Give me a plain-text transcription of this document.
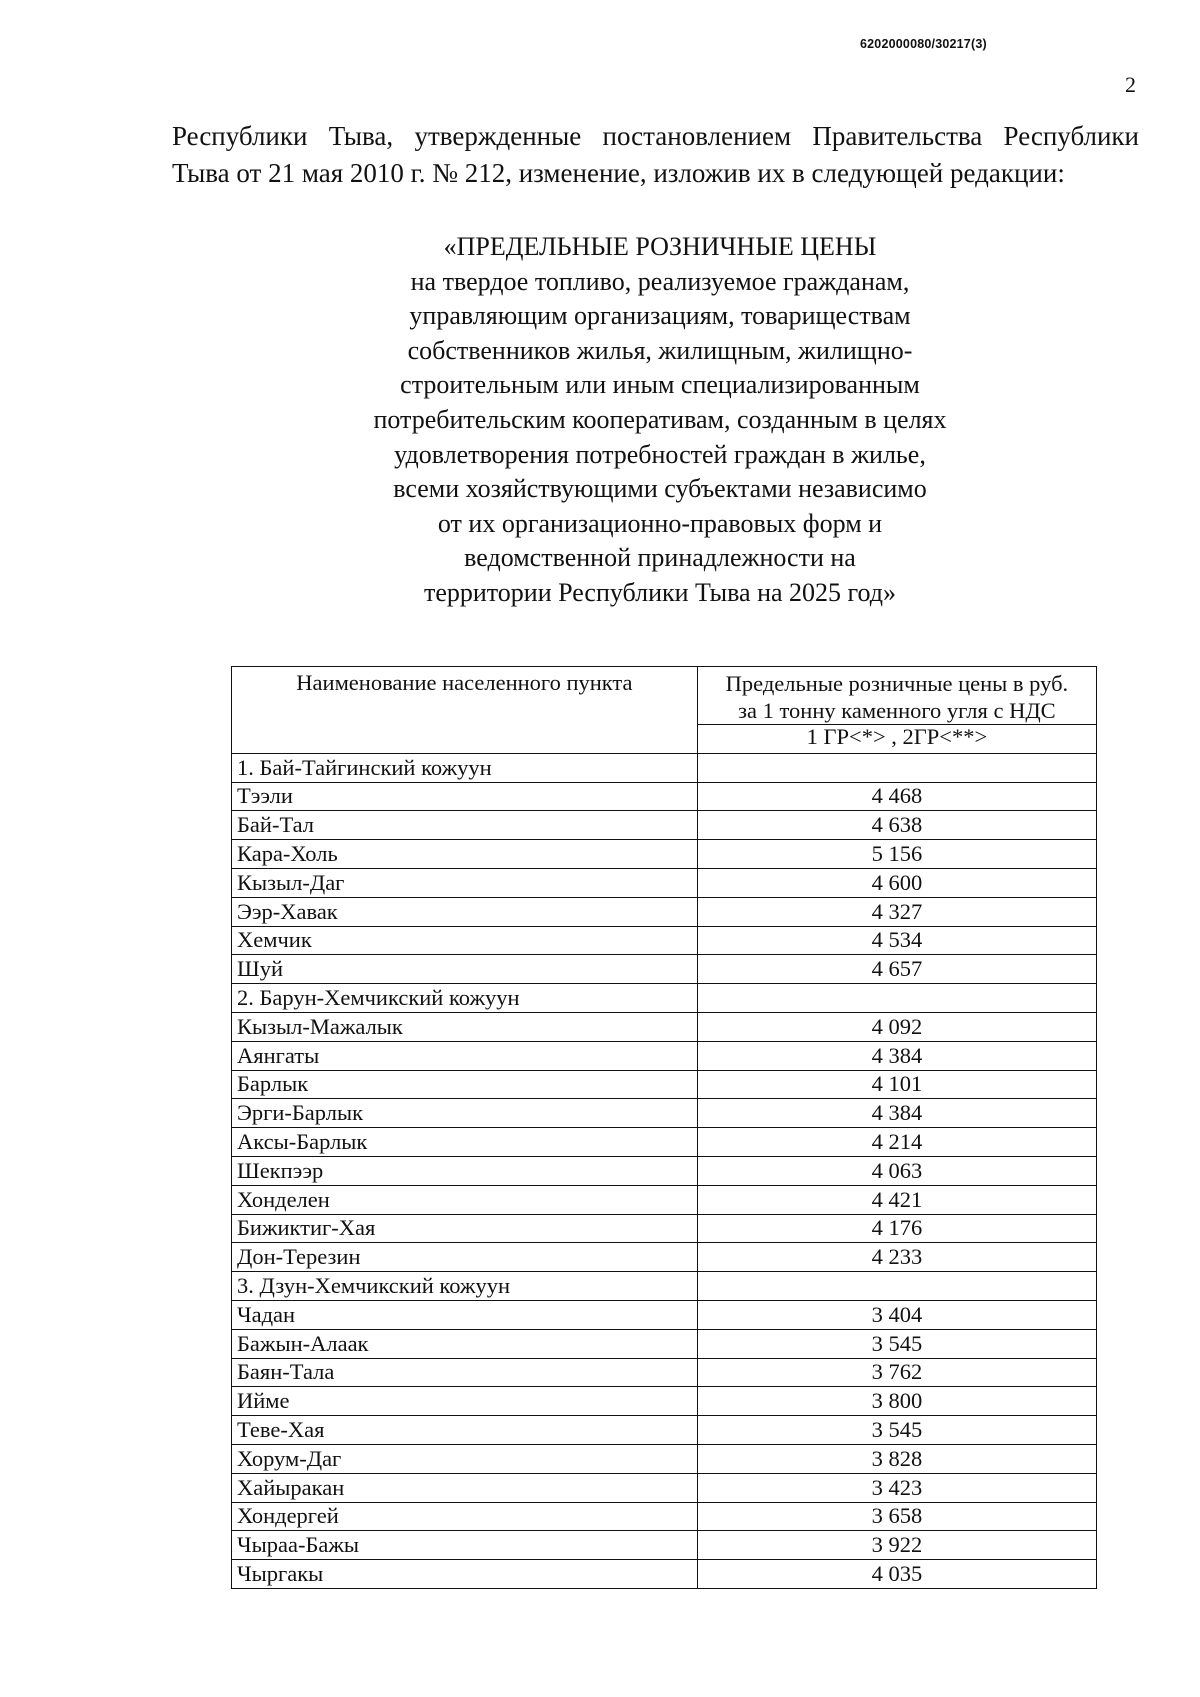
6202000080/30217(3)
2
Республики Тыва, утвержденные постановлением Правительства Республики
Тыва от 21 мая 2010 г. № 212, изменение, изложив их в следующей редакции:
«ПРЕДЕЛЬНЫЕ РОЗНИЧНЫЕ ЦЕНЫ
на твердое топливо, реализуемое гражданам,
управляющим организациям, товариществам
собственников жилья, жилищным, жилищно-
строительным или иным специализированным
потребительским кооперативам, созданным в целях
удовлетворения потребностей граждан в жилье,
всеми хозяйствующими субъектами независимо
от их организационно-правовых форм и
ведомственной принадлежности на
территории Республики Тыва на 2025 год»
Наименование населенного пункта	Предельные розничные цены в руб.
за 1 тонну каменного угля с НДС
	1 ГР<*> , 2ГР<**>
1. Бай-Тайгинский кожуун	
Тээли	4 468
Бай-Тал	4 638
Кара-Холь	5 156
Кызыл-Даг	4 600
Ээр-Хавак	4 327
Хемчик	4 534
Шуй	4 657
2. Барун-Хемчикский кожуун	
Кызыл-Мажалык	4 092
Аянгаты	4 384
Барлык	4 101
Эрги-Барлык	4 384
Аксы-Барлык	4 214
Шекпээр	4 063
Хонделен	4 421
Бижиктиг-Хая	4 176
Дон-Терезин	4 233
3. Дзун-Хемчикский кожуун	
Чадан	3 404
Бажын-Алаак	3 545
Баян-Тала	3 762
Ийме	3 800
Теве-Хая	3 545
Хорум-Даг	3 828
Хайыракан	3 423
Хондергей	3 658
Чыраа-Бажы	3 922
Чыргакы	4 035
